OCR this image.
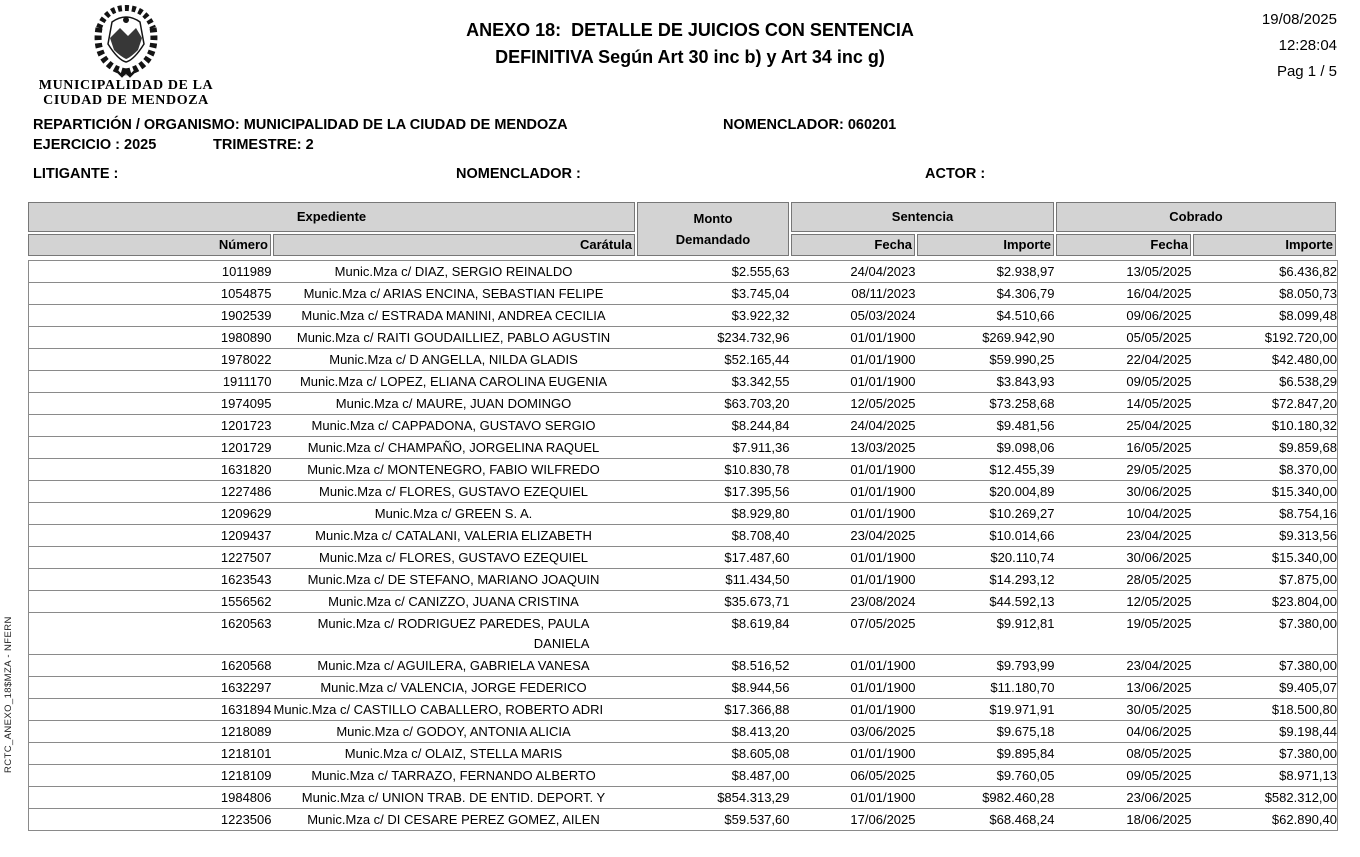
MUNICIPALIDAD DE LA
CIUDAD DE MENDOZA
ANEXO 18:  DETALLE DE JUICIOS CON SENTENCIA
DEFINITIVA Según Art 30 inc b) y Art 34 inc g)
19/08/2025
12:28:04
Pag 1 / 5
REPARTICIÓN / ORGANISMO: MUNICIPALIDAD DE LA CIUDAD DE MENDOZA	NOMENCLADOR: 060201
EJERCICIO : 2025	TRIMESTRE: 2
LITIGANTE :	NOMENCLADOR :	ACTOR :
Expediente	Monto
Demandado
Sentencia	Cobrado
Número	Carátula	Fecha	Importe	Fecha	Importe
1011989	Munic.Mza c/ DIAZ, SERGIO REINALDO	$2.555,63	24/04/2023	$2.938,97	13/05/2025	$6.436,82
1054875	Munic.Mza c/ ARIAS ENCINA, SEBASTIAN FELIPE	$3.745,04	08/11/2023	$4.306,79	16/04/2025	$8.050,73
1902539	Munic.Mza c/ ESTRADA MANINI, ANDREA CECILIA	$3.922,32	05/03/2024	$4.510,66	09/06/2025	$8.099,48
1980890	Munic.Mza c/ RAITI GOUDAILLIEZ, PABLO AGUSTIN	$234.732,96	01/01/1900	$269.942,90	05/05/2025	$192.720,00
1978022	Munic.Mza c/ D ANGELLA, NILDA GLADIS	$52.165,44	01/01/1900	$59.990,25	22/04/2025	$42.480,00
1911170	Munic.Mza c/ LOPEZ, ELIANA CAROLINA EUGENIA	$3.342,55	01/01/1900	$3.843,93	09/05/2025	$6.538,29
1974095	Munic.Mza c/ MAURE, JUAN DOMINGO	$63.703,20	12/05/2025	$73.258,68	14/05/2025	$72.847,20
1201723	Munic.Mza c/ CAPPADONA, GUSTAVO SERGIO	$8.244,84	24/04/2025	$9.481,56	25/04/2025	$10.180,32
1201729	Munic.Mza c/ CHAMPAÑO, JORGELINA RAQUEL	$7.911,36	13/03/2025	$9.098,06	16/05/2025	$9.859,68
1631820	Munic.Mza c/ MONTENEGRO, FABIO WILFREDO	$10.830,78	01/01/1900	$12.455,39	29/05/2025	$8.370,00
1227486	Munic.Mza c/ FLORES, GUSTAVO EZEQUIEL	$17.395,56	01/01/1900	$20.004,89	30/06/2025	$15.340,00
1209629	Munic.Mza c/ GREEN S. A.	$8.929,80	01/01/1900	$10.269,27	10/04/2025	$8.754,16
1209437	Munic.Mza c/ CATALANI, VALERIA ELIZABETH	$8.708,40	23/04/2025	$10.014,66	23/04/2025	$9.313,56
1227507	Munic.Mza c/ FLORES, GUSTAVO EZEQUIEL	$17.487,60	01/01/1900	$20.110,74	30/06/2025	$15.340,00
1623543	Munic.Mza c/ DE STEFANO, MARIANO JOAQUIN	$11.434,50	01/01/1900	$14.293,12	28/05/2025	$7.875,00
1556562	Munic.Mza c/ CANIZZO, JUANA CRISTINA	$35.673,71	23/08/2024	$44.592,13	12/05/2025	$23.804,00
1620563	Munic.Mza c/ RODRIGUEZ PAREDES, PAULA
DANIELA	$8.619,84	07/05/2025	$9.912,81	19/05/2025	$7.380,00
1620568	Munic.Mza c/ AGUILERA, GABRIELA VANESA	$8.516,52	01/01/1900	$9.793,99	23/04/2025	$7.380,00
1632297	Munic.Mza c/ VALENCIA, JORGE FEDERICO	$8.944,56	01/01/1900	$11.180,70	13/06/2025	$9.405,07
1631894	Munic.Mza c/ CASTILLO CABALLERO, ROBERTO ADRI	$17.366,88	01/01/1900	$19.971,91	30/05/2025	$18.500,80
1218089	Munic.Mza c/ GODOY, ANTONIA ALICIA	$8.413,20	03/06/2025	$9.675,18	04/06/2025	$9.198,44
1218101	Munic.Mza c/ OLAIZ, STELLA MARIS	$8.605,08	01/01/1900	$9.895,84	08/05/2025	$7.380,00
1218109	Munic.Mza c/ TARRAZO, FERNANDO ALBERTO	$8.487,00	06/05/2025	$9.760,05	09/05/2025	$8.971,13
1984806	Munic.Mza c/ UNION TRAB. DE ENTID. DEPORT. Y	$854.313,29	01/01/1900	$982.460,28	23/06/2025	$582.312,00
1223506	Munic.Mza c/ DI CESARE PEREZ GOMEZ, AILEN	$59.537,60	17/06/2025	$68.468,24	18/06/2025	$62.890,40
RCTC_ANEXO_18$MZA - NFERN
